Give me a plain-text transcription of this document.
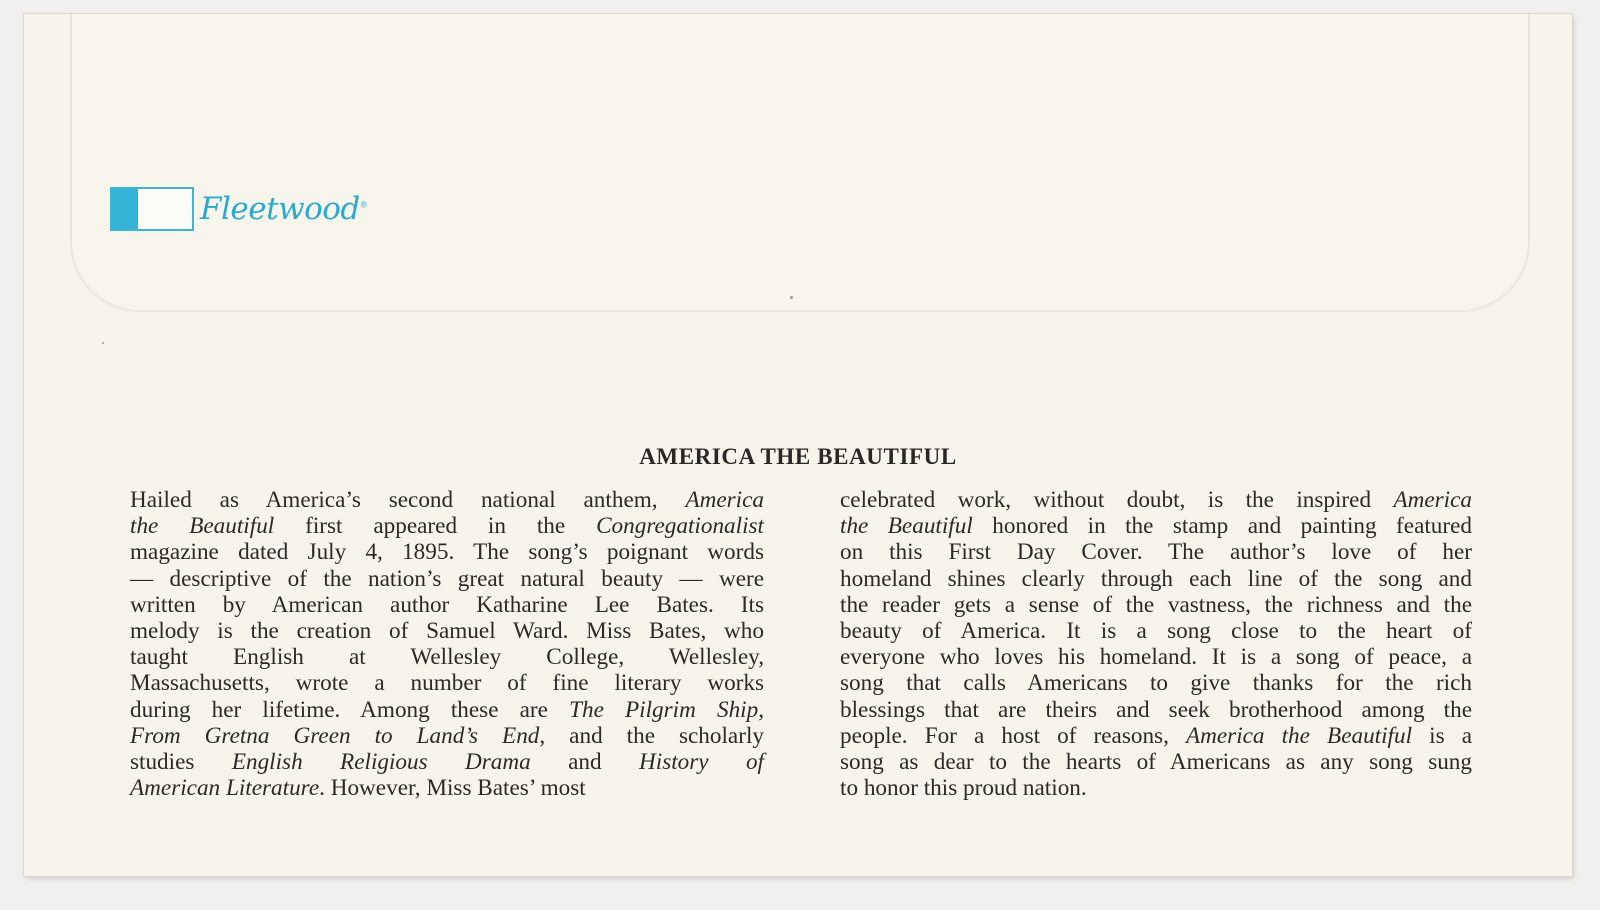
Fleetwood®
AMERICA THE BEAUTIFUL
Hailed as America’s second national anthem, America
the Beautiful first appeared in the Congregationalist
magazine dated July 4, 1895. The song’s poignant words
— descriptive of the nation’s great natural beauty — were
written by American author Katharine Lee Bates. Its
melody is the creation of Samuel Ward. Miss Bates, who
taught English at Wellesley College, Wellesley,
Massachusetts, wrote a number of fine literary works
during her lifetime. Among these are The Pilgrim Ship,
From Gretna Green to Land’s End, and the scholarly
studies English Religious Drama and History of
American Literature. However, Miss Bates’ most
celebrated work, without doubt, is the inspired America
the Beautiful honored in the stamp and painting featured
on this First Day Cover. The author’s love of her
homeland shines clearly through each line of the song and
the reader gets a sense of the vastness, the richness and the
beauty of America. It is a song close to the heart of
everyone who loves his homeland. It is a song of peace, a
song that calls Americans to give thanks for the rich
blessings that are theirs and seek brotherhood among the
people. For a host of reasons, America the Beautiful is a
song as dear to the hearts of Americans as any song sung
to honor this proud nation.
